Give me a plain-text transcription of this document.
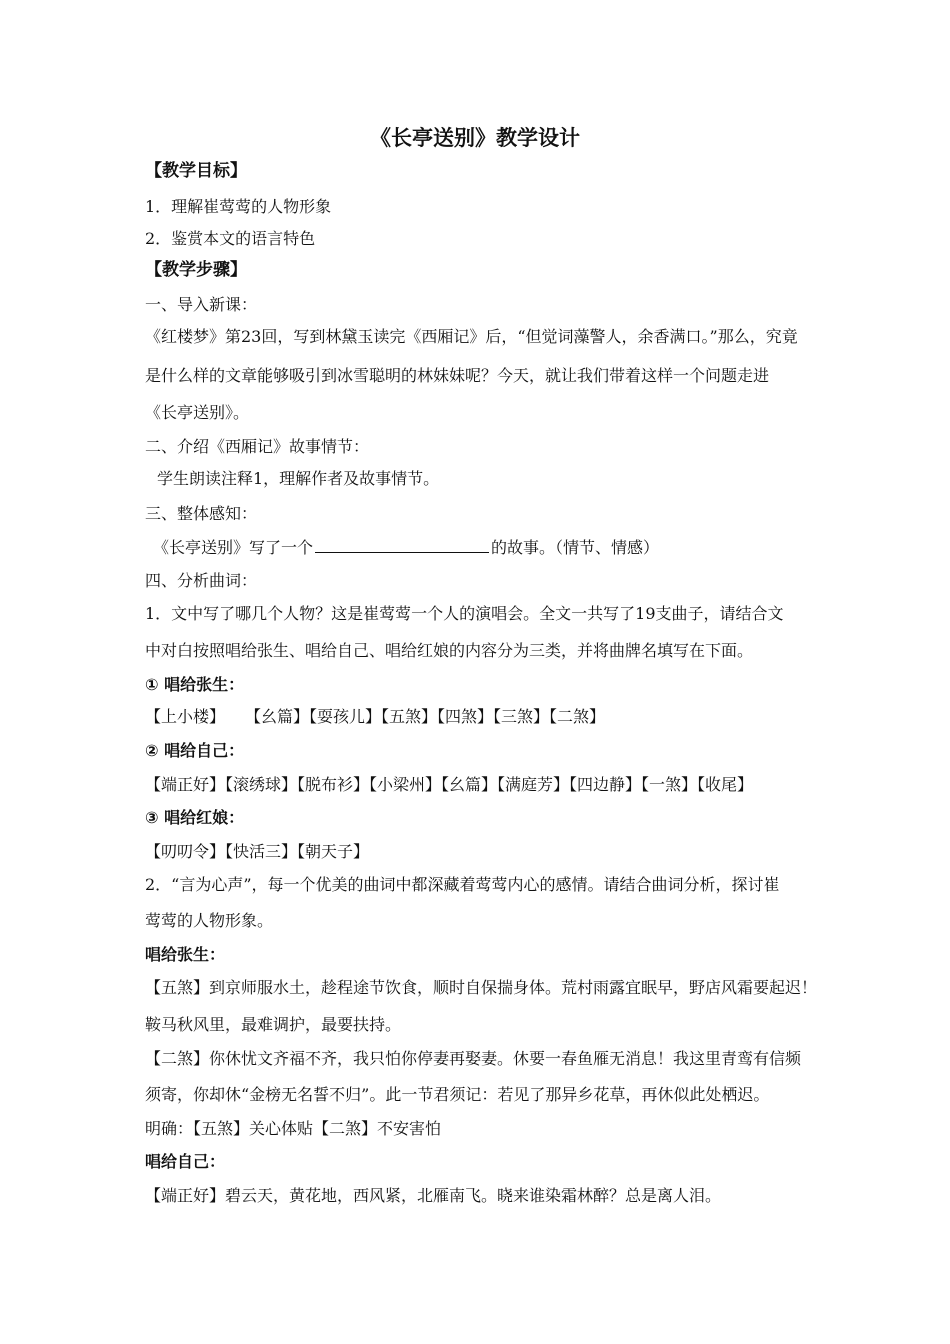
《长亭送别》教学设计
【教学目标】
1．理解崔莺莺的人物形象
2．鉴赏本文的语言特色
【教学步骤】
一、导入新课：
《红楼梦》第23回，写到林黛玉读完《西厢记》后，“但觉词藻警人，余香满口。”那么，究竟
是什么样的文章能够吸引到冰雪聪明的林妹妹呢？今天，就让我们带着这样一个问题走进
《长亭送别》。
二、介绍《西厢记》故事情节：
学生朗读注释1，理解作者及故事情节。
三、整体感知：
《长亭送别》写了一个	的故事。（情节、情感）
四、分析曲词：
1．文中写了哪几个人物？这是崔莺莺一个人的演唱会。全文一共写了19支曲子，请结合文
中对白按照唱给张生、唱给自己、唱给红娘的内容分为三类，并将曲牌名填写在下面。
① 唱给张生：
【上小楼】 【幺篇】【耍孩儿】【五煞】【四煞】【三煞】【二煞】
② 唱给自己：
【端正好】【滚绣球】【脱布衫】【小梁州】【幺篇】【满庭芳】【四边静】【一煞】【收尾】
③ 唱给红娘：
【叨叨令】【快活三】【朝天子】
2．“言为心声”，每一个优美的曲词中都深藏着莺莺内心的感情。请结合曲词分析，探讨崔
莺莺的人物形象。
唱给张生：
【五煞】到京师服水土，趁程途节饮食，顺时自保揣身体。荒村雨露宜眠早，野店风霜要起迟！
鞍马秋风里，最难调护，最要扶持。
【二煞】你休忧文齐福不齐，我只怕你停妻再娶妻。休要一春鱼雁无消息！我这里青鸾有信频
须寄，你却休“金榜无名誓不归”。此一节君须记：若见了那异乡花草，再休似此处栖迟。
明确：【五煞】关心体贴【二煞】不安害怕
唱给自己：
【端正好】碧云天，黄花地，西风紧，北雁南飞。晓来谁染霜林醉？总是离人泪。
